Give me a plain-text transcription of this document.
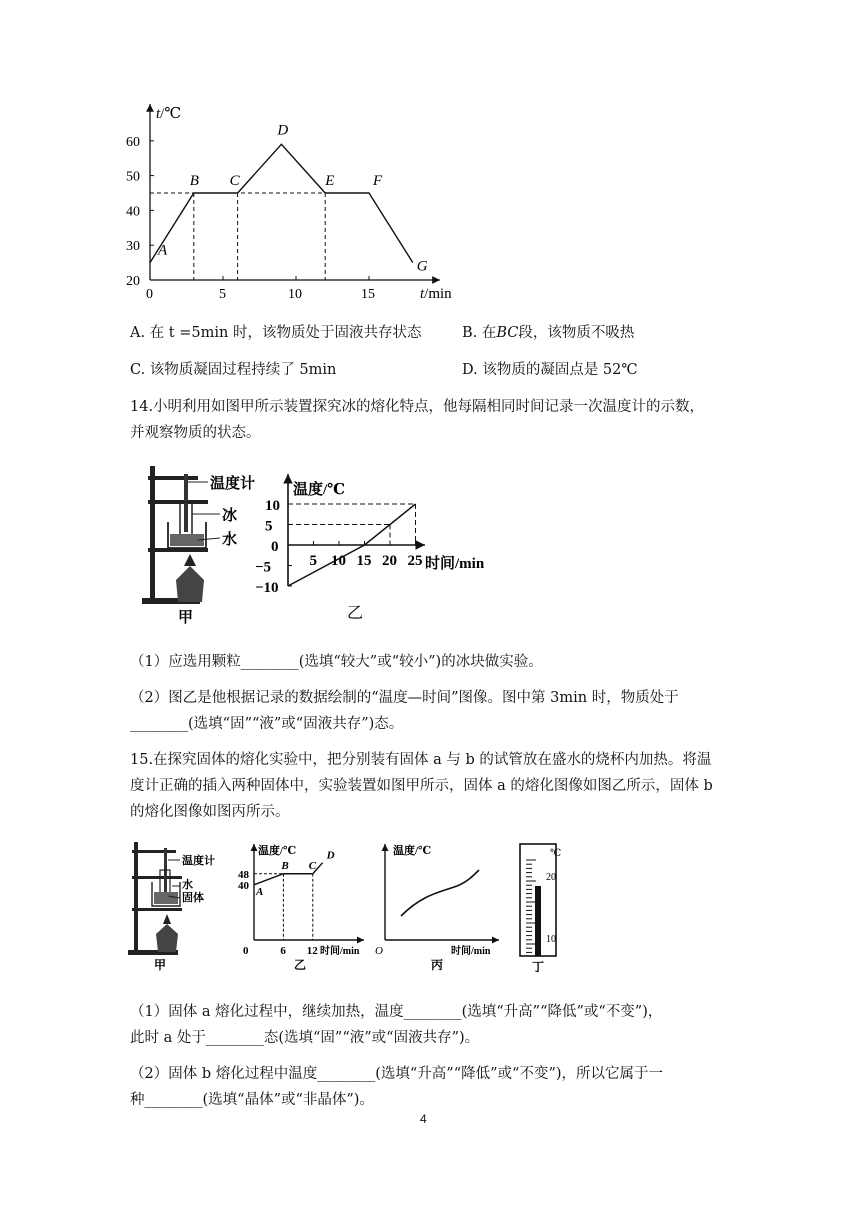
20
30
40
50
60
5	10	15
A
B C
D
E	F
G
t/℃
t/min
0
A. 在 t =5min 时，该物质处于固液共存状态	B. 在BC段，该物质不吸热
C. 该物质凝固过程持续了 5min	D. 该物质的凝固点是 52℃
14.小明利用如图甲所示装置探究冰的熔化特点，他每隔相同时间记录一次温度计的示数，
并观察物质的状态。
温度计
冰
水
甲
10
5
0
−5
−10
5 10 15 20 25
温度/℃
时间/min
乙
（1）应选用颗粒________(选填“较大”或“较小”)的冰块做实验。
（2）图乙是他根据记录的数据绘制的“温度—时间”图像。图中第 3min 时，物质处于
________(选填“固”“液”或“固液共存”)态。
15.在探究固体的熔化实验中，把分别装有固体 a 与 b 的试管放在盛水的烧杯内加热。将温
度计正确的插入两种固体中，实验装置如图甲所示，固体 a 的熔化图像如图乙所示，固体 b
的熔化图像如图丙所示。
温度计
水
固体
甲
48
40
0	6 12
A
B C
D
温度/℃
时间/min
乙
温度/℃
时间/min
O
丙
℃
20
10
丁
（1）固体 a 熔化过程中，继续加热，温度________(选填“升高”“降低”或“不变”)，
此时 a 处于________态(选填“固”“液”或“固液共存”)。
（2）固体 b 熔化过程中温度________(选填“升高”“降低”或“不变”)，所以它属于一
种________(选填“晶体”或“非晶体”)。
4
